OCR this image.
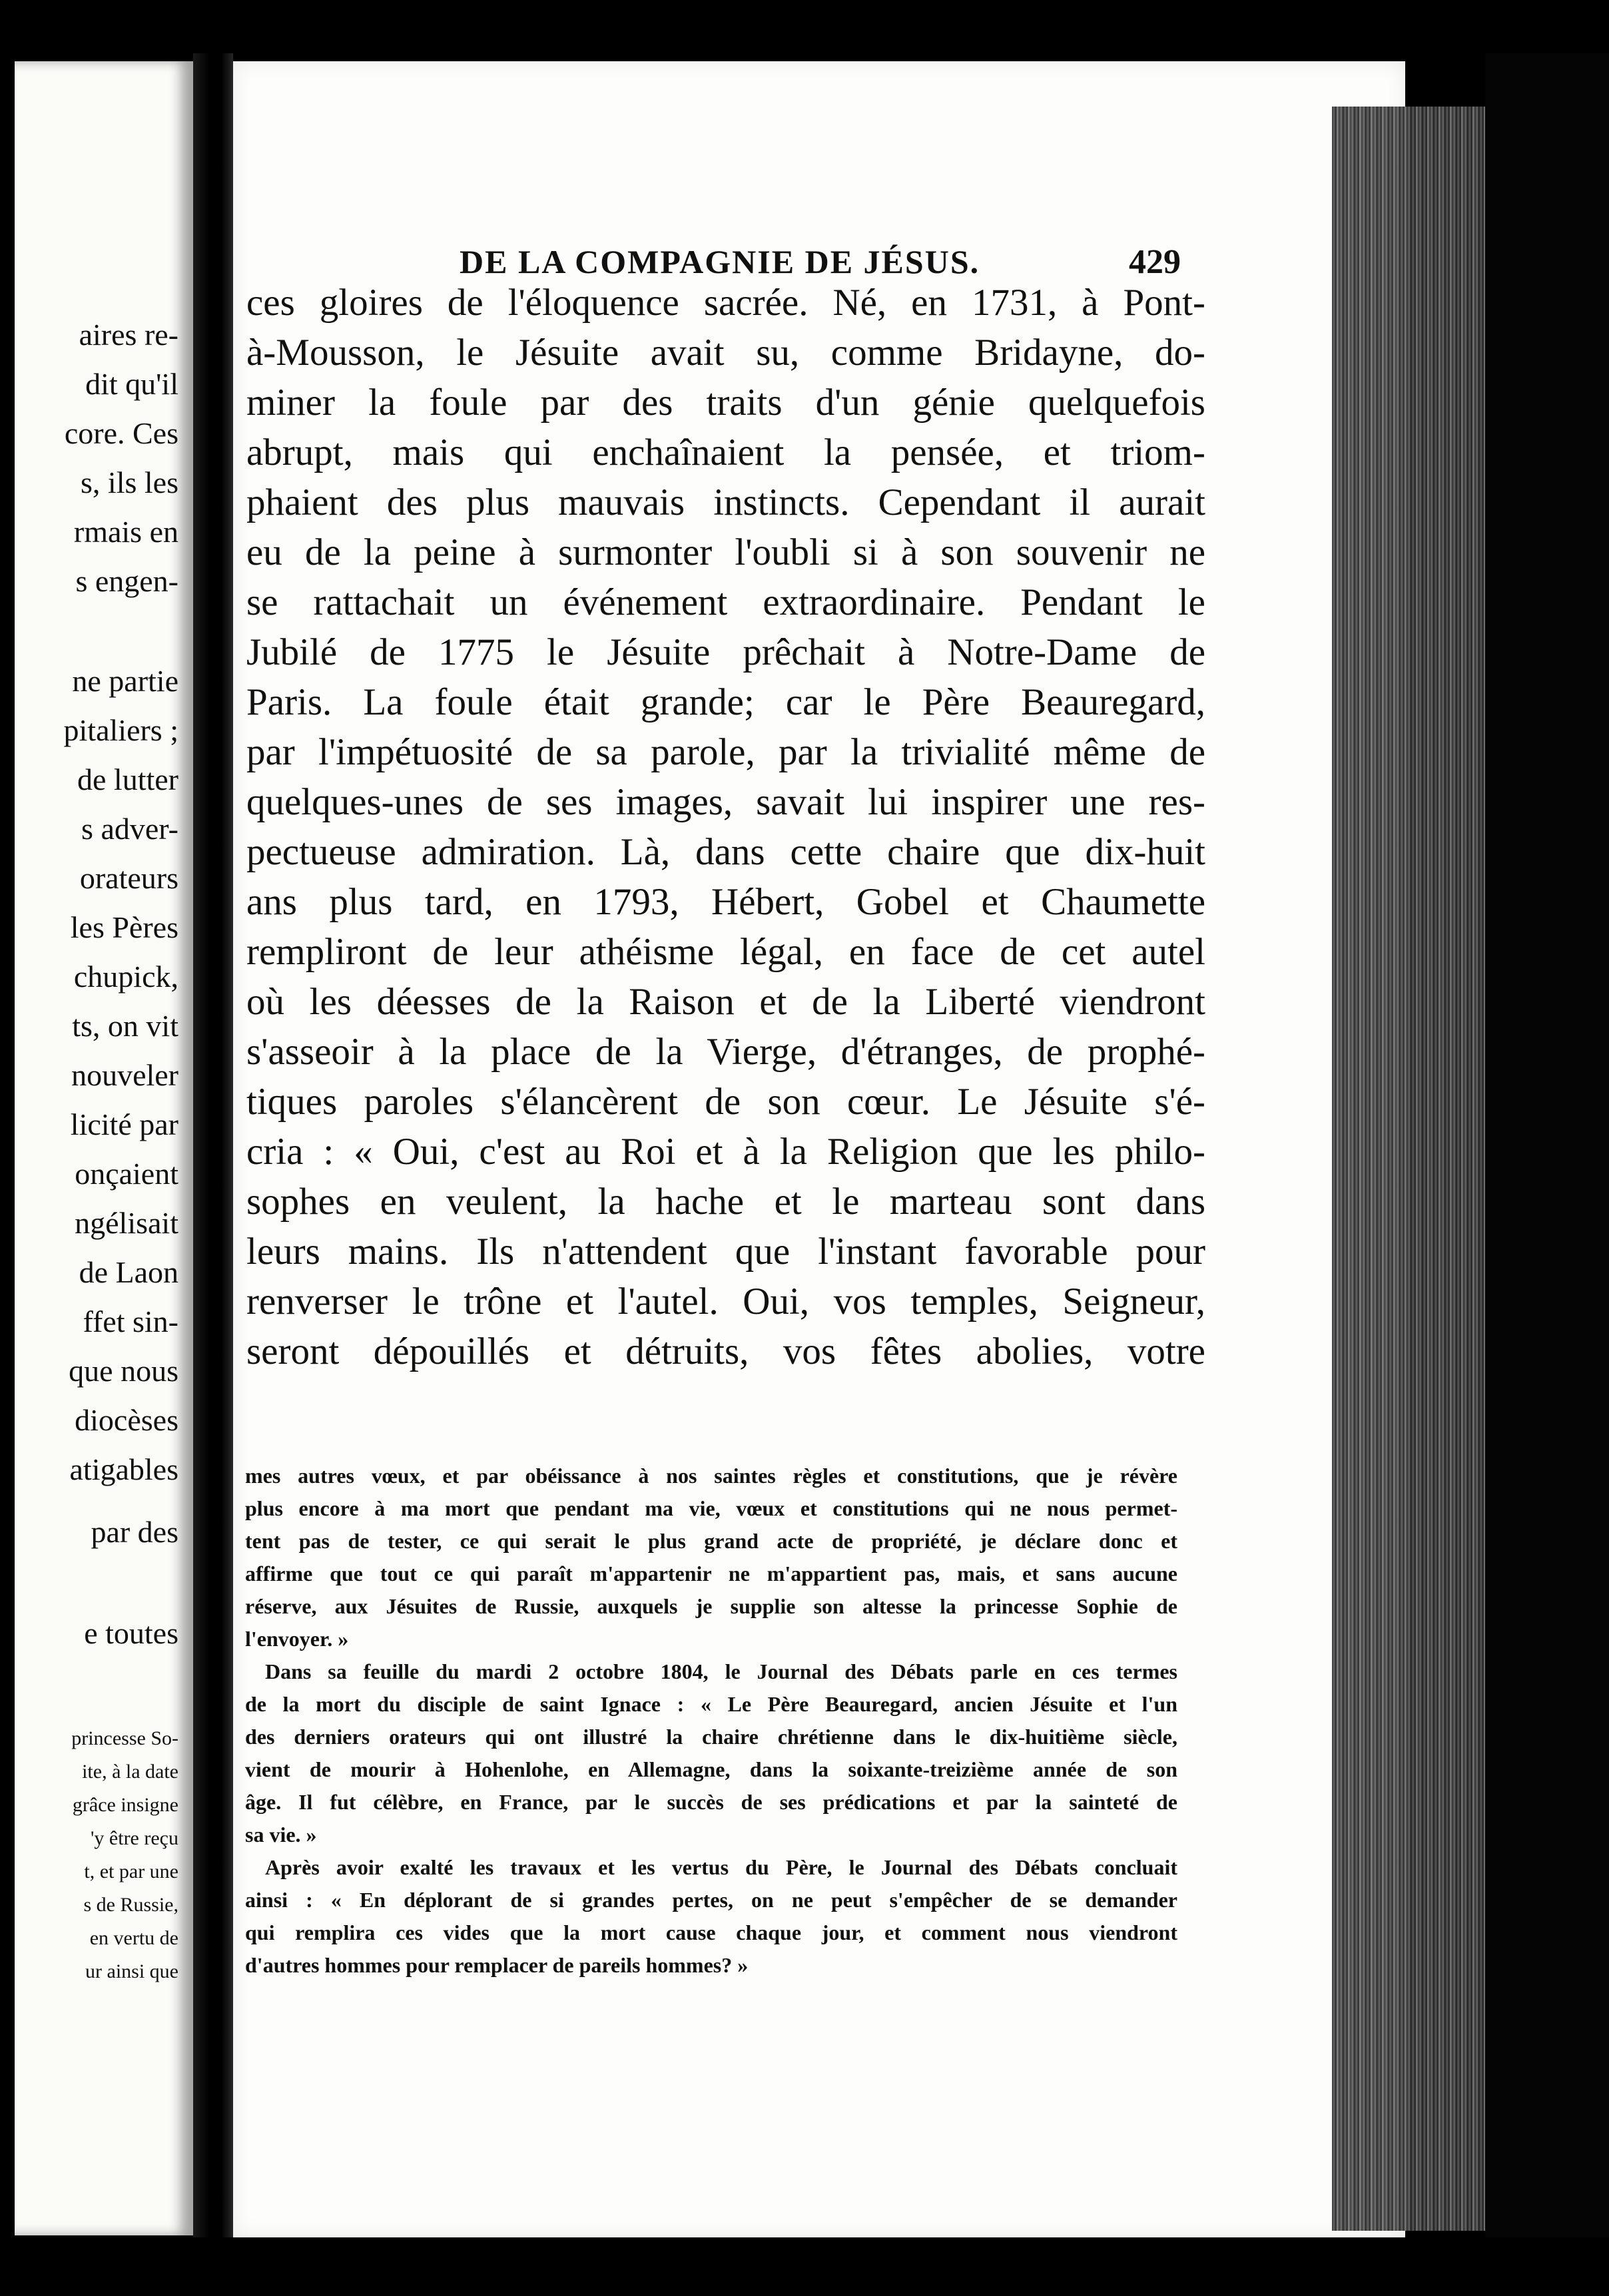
aires re-
dit qu'il
core. Ces
s, ils les
rmais en
s engen-
ne partie
pitaliers ;
de lutter
s adver-
orateurs
les Pères
chupick,
ts, on vit
nouveler
licité par
onçaient
ngélisait
de Laon
ffet sin-
que nous
diocèses
atigables
par des
e toutes
princesse So-
ite, à la date
grâce insigne
'y être reçu
t, et par une
s de Russie,
en vertu de
ur ainsi que
DE LA COMPAGNIE DE JÉSUS.	429
ces gloires de l'éloquence sacrée. Né, en 1731, à Pont-
à-Mousson, le Jésuite avait su, comme Bridayne, do-
miner la foule par des traits d'un génie quelquefois
abrupt, mais qui enchaînaient la pensée, et triom-
phaient des plus mauvais instincts. Cependant il aurait
eu de la peine à surmonter l'oubli si à son souvenir ne
se rattachait un événement extraordinaire. Pendant le
Jubilé de 1775 le Jésuite prêchait à Notre-Dame de
Paris. La foule était grande; car le Père Beauregard,
par l'impétuosité de sa parole, par la trivialité même de
quelques-unes de ses images, savait lui inspirer une res-
pectueuse admiration. Là, dans cette chaire que dix-huit
ans plus tard, en 1793, Hébert, Gobel et Chaumette
rempliront de leur athéisme légal, en face de cet autel
où les déesses de la Raison et de la Liberté viendront
s'asseoir à la place de la Vierge, d'étranges, de prophé-
tiques paroles s'élancèrent de son cœur. Le Jésuite s'é-
cria : « Oui, c'est au Roi et à la Religion que les philo-
sophes en veulent, la hache et le marteau sont dans
leurs mains. Ils n'attendent que l'instant favorable pour
renverser le trône et l'autel. Oui, vos temples, Seigneur,
seront dépouillés et détruits, vos fêtes abolies, votre
mes autres vœux, et par obéissance à nos saintes règles et constitutions, que je révère
plus encore à ma mort que pendant ma vie, vœux et constitutions qui ne nous permet-
tent pas de tester, ce qui serait le plus grand acte de propriété, je déclare donc et
affirme que tout ce qui paraît m'appartenir ne m'appartient pas, mais, et sans aucune
réserve, aux Jésuites de Russie, auxquels je supplie son altesse la princesse Sophie de
l'envoyer. »
Dans sa feuille du mardi 2 octobre 1804, le Journal des Débats parle en ces termes
de la mort du disciple de saint Ignace : « Le Père Beauregard, ancien Jésuite et l'un
des derniers orateurs qui ont illustré la chaire chrétienne dans le dix-huitième siècle,
vient de mourir à Hohenlohe, en Allemagne, dans la soixante-treizième année de son
âge. Il fut célèbre, en France, par le succès de ses prédications et par la sainteté de
sa vie. »
Après avoir exalté les travaux et les vertus du Père, le Journal des Débats concluait
ainsi : « En déplorant de si grandes pertes, on ne peut s'empêcher de se demander
qui remplira ces vides que la mort cause chaque jour, et comment nous viendront
d'autres hommes pour remplacer de pareils hommes? »
